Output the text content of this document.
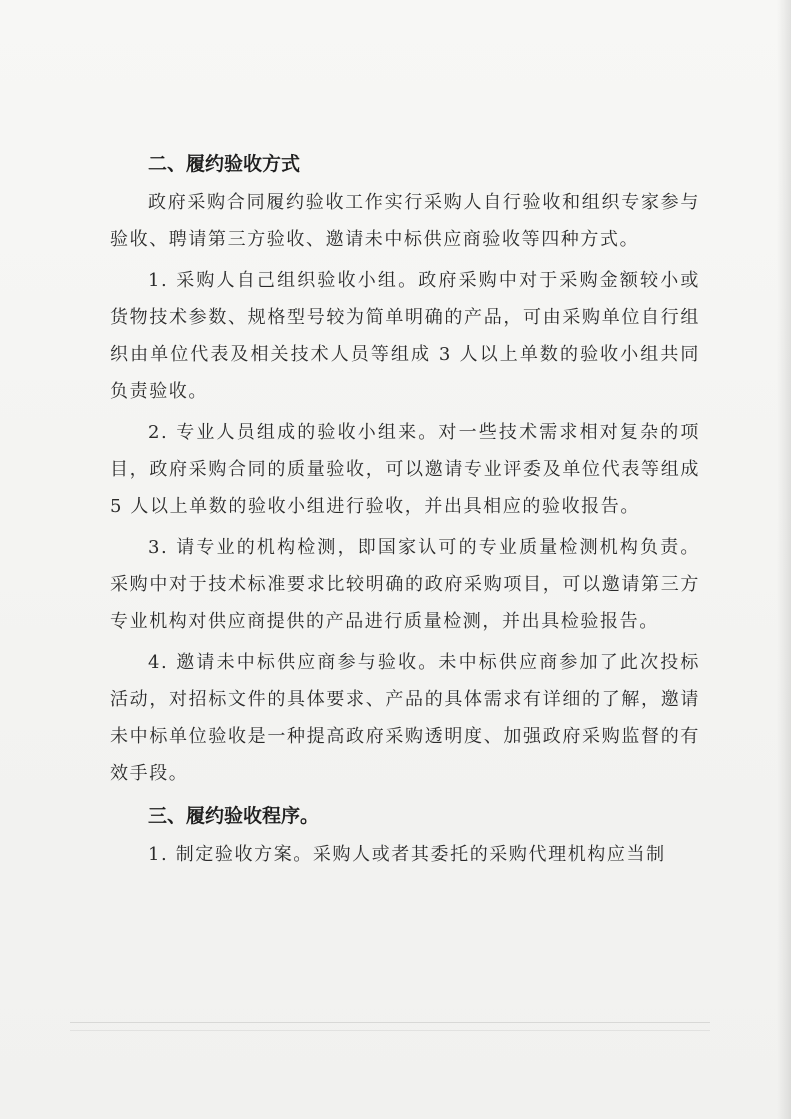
二、履约验收方式

政府采购合同履约验收工作实行采购人自行验收和组织专家参与验收、聘请第三方验收、邀请未中标供应商验收等四种方式。

1. 采购人自己组织验收小组。政府采购中对于采购金额较小或货物技术参数、规格型号较为简单明确的产品，可由采购单位自行组织由单位代表及相关技术人员等组成 3 人以上单数的验收小组共同负责验收。

2. 专业人员组成的验收小组来。对一些技术需求相对复杂的项目，政府采购合同的质量验收，可以邀请专业评委及单位代表等组成 5 人以上单数的验收小组进行验收，并出具相应的验收报告。

3. 请专业的机构检测，即国家认可的专业质量检测机构负责。采购中对于技术标准要求比较明确的政府采购项目，可以邀请第三方专业机构对供应商提供的产品进行质量检测，并出具检验报告。

4. 邀请未中标供应商参与验收。未中标供应商参加了此次投标活动，对招标文件的具体要求、产品的具体需求有详细的了解，邀请未中标单位验收是一种提高政府采购透明度、加强政府采购监督的有效手段。

三、履约验收程序。

1. 制定验收方案。采购人或者其委托的采购代理机构应当制
